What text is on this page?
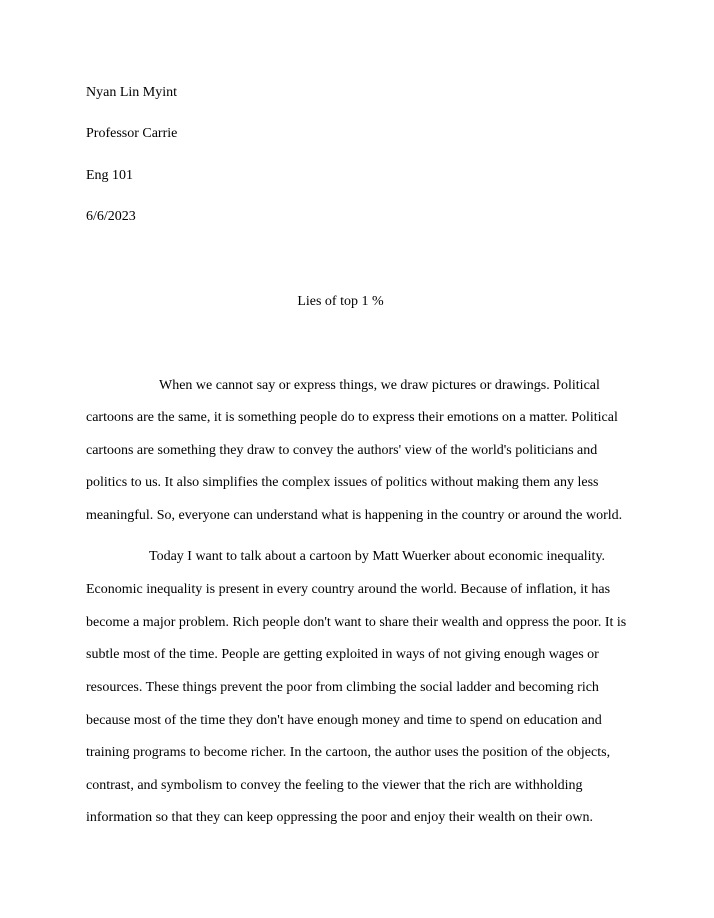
Nyan Lin Myint

Professor Carrie

Eng 101

6/6/2023

Lies of top 1 %

When we cannot say or express things, we draw pictures or drawings. Political

cartoons are the same, it is something people do to express their emotions on a matter. Political

cartoons are something they draw to convey the authors' view of the world's politicians and

politics to us. It also simplifies the complex issues of politics without making them any less

meaningful. So, everyone can understand what is happening in the country or around the world.

Today I want to talk about a cartoon by Matt Wuerker about economic inequality.

Economic inequality is present in every country around the world. Because of inflation, it has

become a major problem. Rich people don't want to share their wealth and oppress the poor. It is

subtle most of the time. People are getting exploited in ways of not giving enough wages or

resources. These things prevent the poor from climbing the social ladder and becoming rich

because most of the time they don't have enough money and time to spend on education and

training programs to become richer. In the cartoon, the author uses the position of the objects,

contrast, and symbolism to convey the feeling to the viewer that the rich are withholding

information so that they can keep oppressing the poor and enjoy their wealth on their own.
